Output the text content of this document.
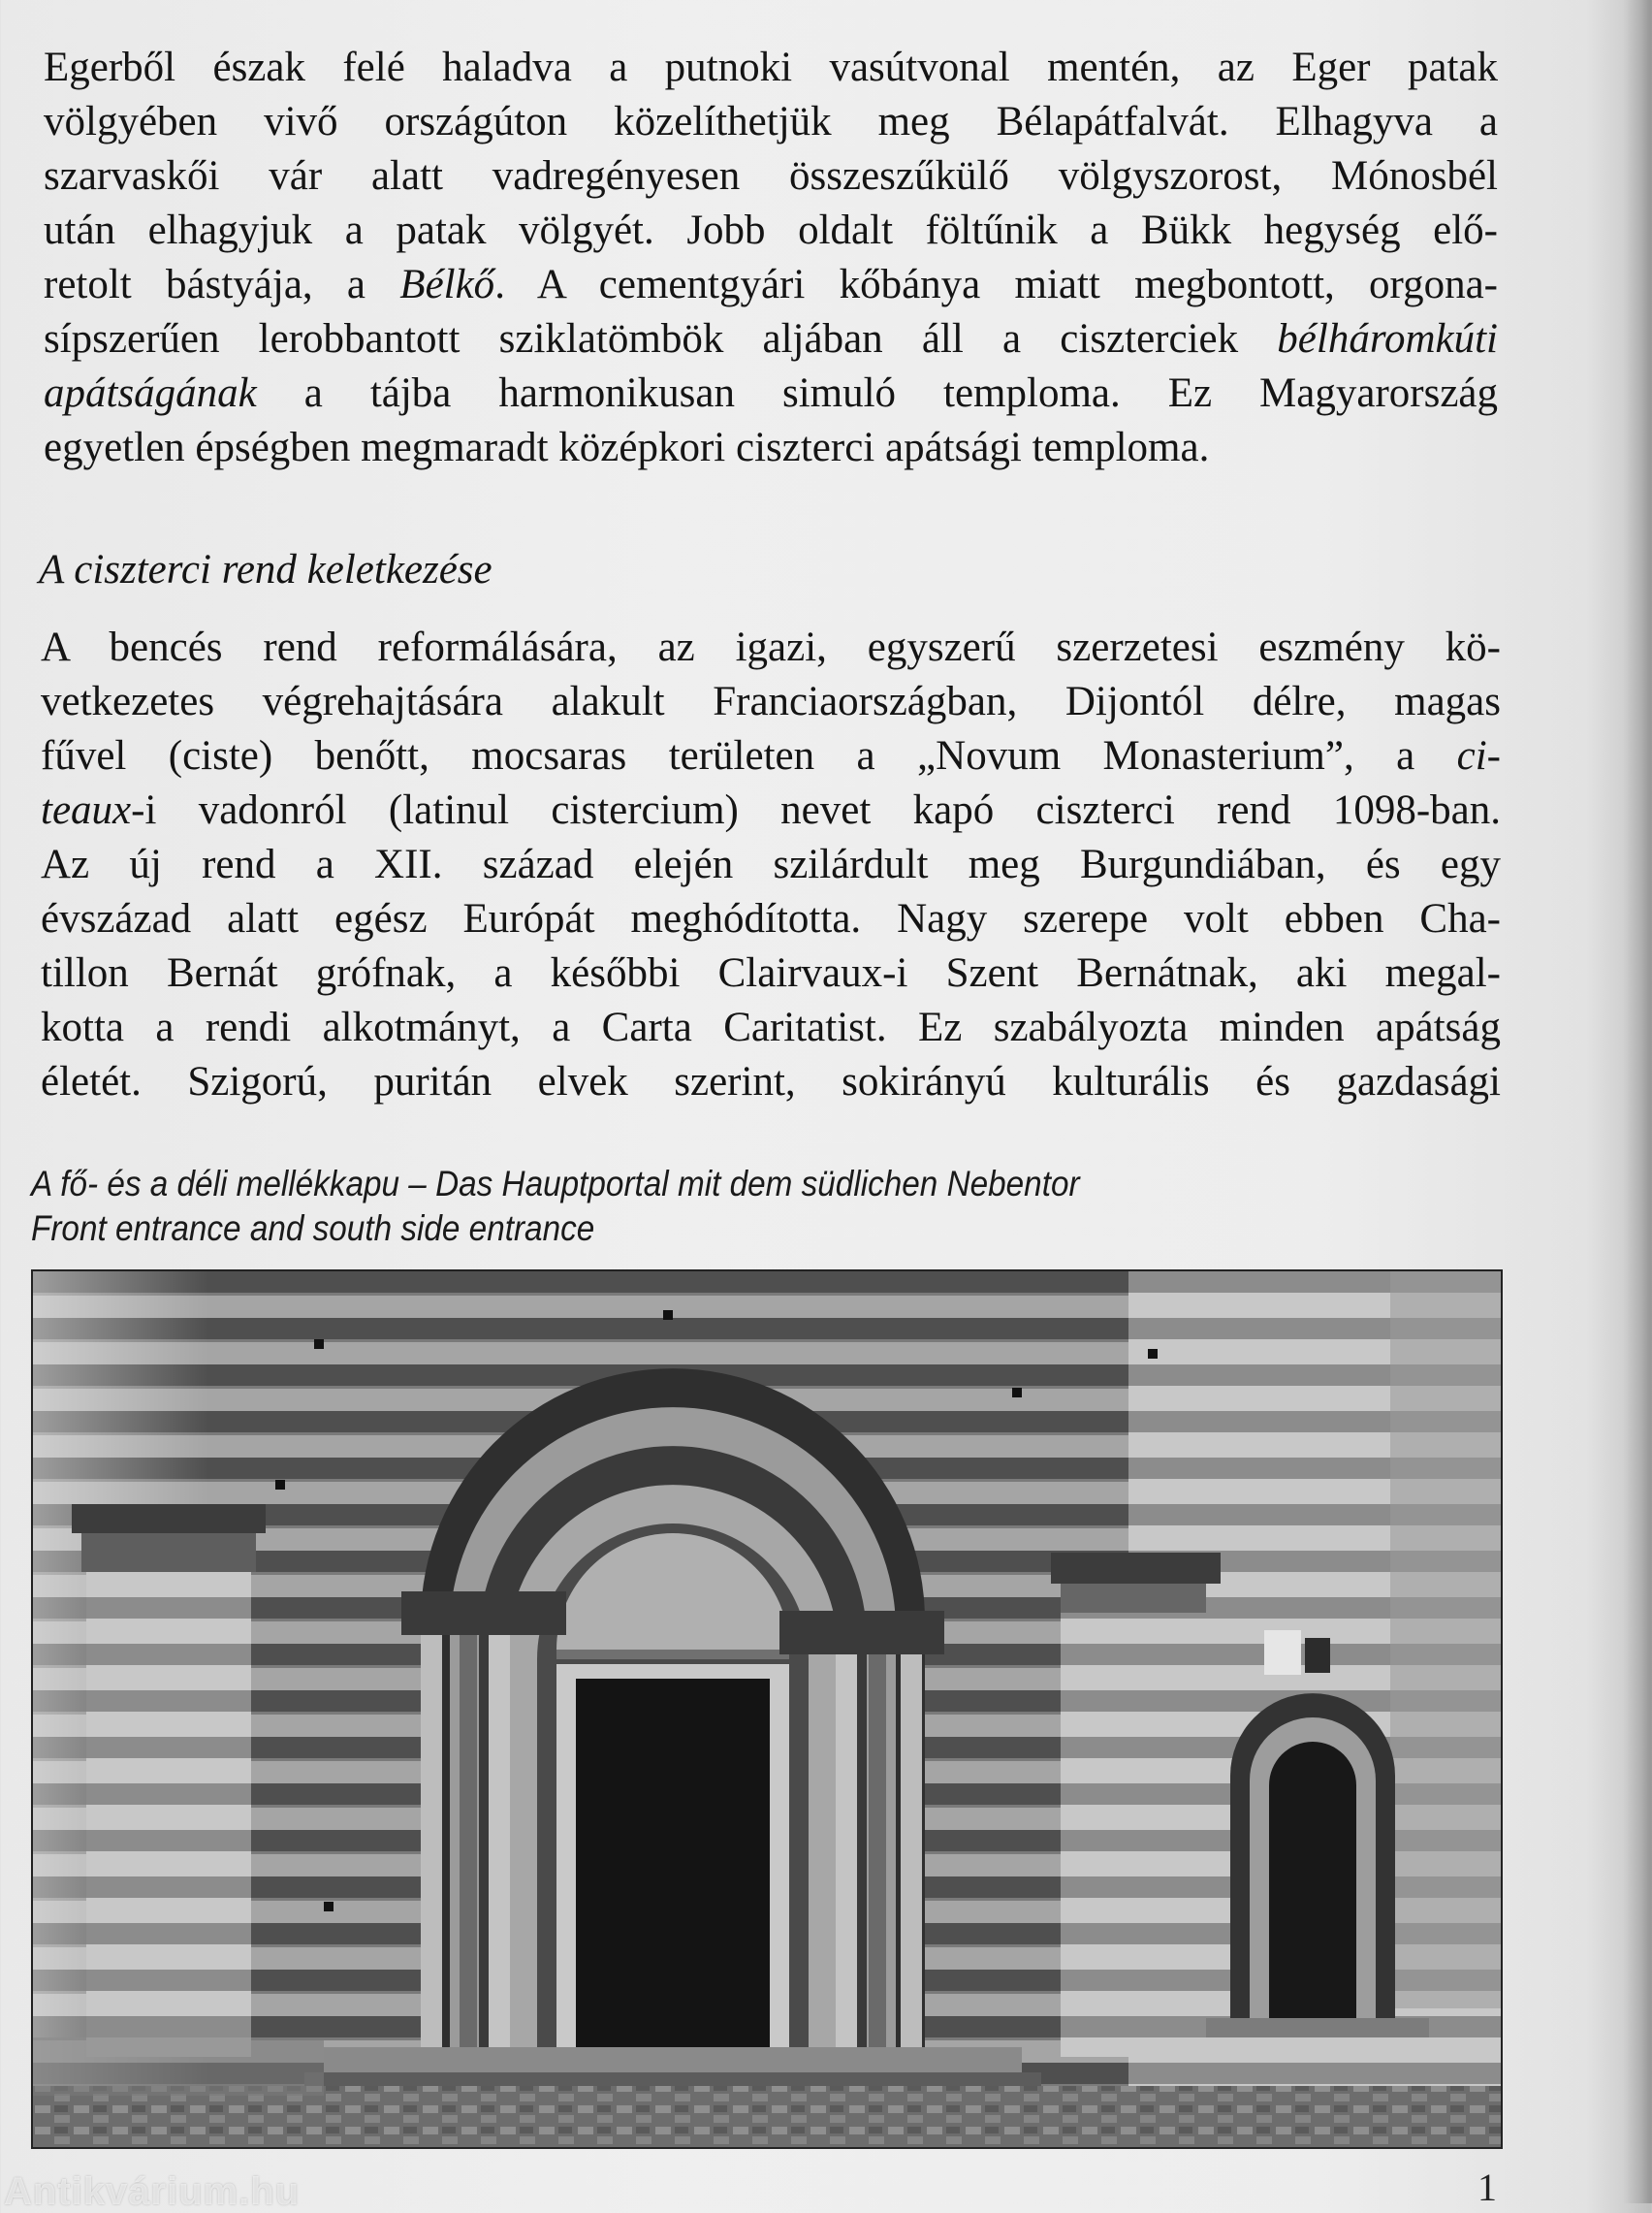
Egerből észak felé haladva a putnoki vasútvonal mentén, az Eger patak
völgyében vivő országúton közelíthetjük meg Bélapátfalvát. Elhagyva a
szarvaskői vár alatt vadregényesen összeszűkülő völgyszorost, Mónosbél
után elhagyjuk a patak völgyét. Jobb oldalt föltűnik a Bükk hegység elő-
retolt bástyája, a Bélkő. A cementgyári kőbánya miatt megbontott, orgona-
sípszerűen lerobbantott sziklatömbök aljában áll a ciszterciek bélháromkúti
apátságának a tájba harmonikusan simuló temploma. Ez Magyarország
egyetlen épségben megmaradt középkori ciszterci apátsági temploma.
A ciszterci rend keletkezése
A bencés rend reformálására, az igazi, egyszerű szerzetesi eszmény kö-
vetkezetes végrehajtására alakult Franciaországban, Dijontól délre, magas
fűvel (ciste) benőtt, mocsaras területen a „Novum Monasterium”, a ci-
teaux-i vadonról (latinul cistercium) nevet kapó ciszterci rend 1098-ban.
Az új rend a XII. század elején szilárdult meg Burgundiában, és egy
évszázad alatt egész Európát meghódította. Nagy szerepe volt ebben Cha-
tillon Bernát grófnak, a későbbi Clairvaux-i Szent Bernátnak, aki megal-
kotta a rendi alkotmányt, a Carta Caritatist. Ez szabályozta minden apátság
életét. Szigorú, puritán elvek szerint, sokirányú kulturális és gazdasági
A fő- és a déli mellékkapu – Das Hauptportal mit dem südlichen Nebentor
Front entrance and south side entrance
1
Antikvárium.hu
